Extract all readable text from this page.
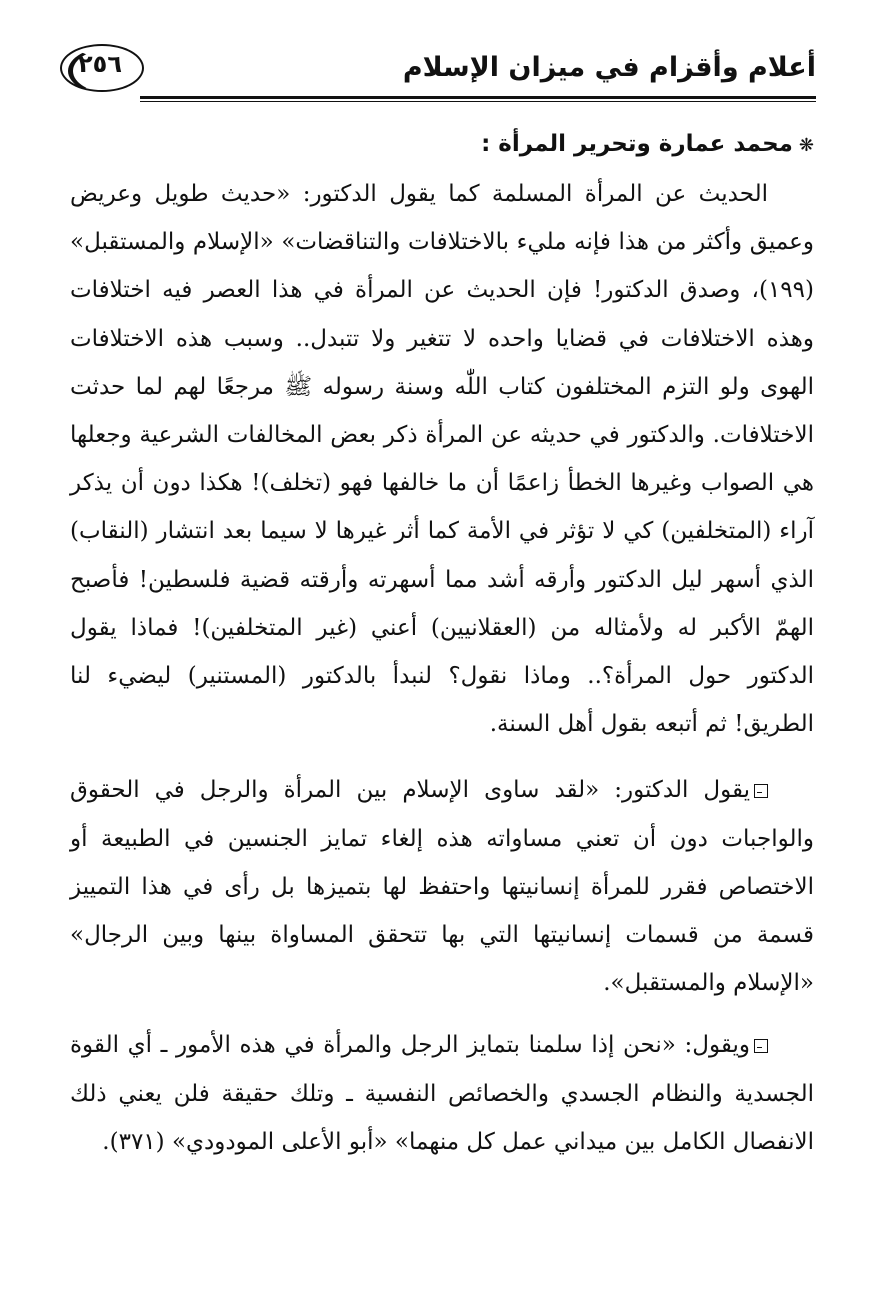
أعلام وأقزام في ميزان الإسلام
٢٥٦
❋محمد عمارة وتحرير المرأة :

الحديث عن المرأة المسلمة كما يقول الدكتور: «حديث طويل وعريض وعميق وأكثر من هذا فإنه مليء بالاختلافات والتناقضات» «الإسلام والمستقبل» (١٩٩)، وصدق الدكتور! فإن الحديث عن المرأة في هذا العصر فيه اختلافات وهذه الاختلافات في قضايا واحده لا تتغير ولا تتبدل.. وسبب هذه الاختلافات الهوى ولو التزم المختلفون كتاب اللّٰه وسنة رسوله ﷺ مرجعًا لهم لما حدثت الاختلافات. والدكتور في حديثه عن المرأة ذكر بعض المخالفات الشرعية وجعلها هي الصواب وغيرها الخطأ زاعمًا أن ما خالفها فهو (تخلف)! هكذا دون أن يذكر آراء (المتخلفين) كي لا تؤثر في الأمة كما أثر غيرها لا سيما بعد انتشار (النقاب) الذي أسهر ليل الدكتور وأرقه أشد مما أسهرته وأرقته قضية فلسطين! فأصبح الهمّ الأكبر له ولأمثاله من (العقلانيين) أعني (غير المتخلفين)! فماذا يقول الدكتور حول المرأة؟.. وماذا نقول؟ لنبدأ بالدكتور (المستنير) ليضيء لنا الطريق! ثم أتبعه بقول أهل السنة.

يقول الدكتور: «لقد ساوى الإسلام بين المرأة والرجل في الحقوق والواجبات دون أن تعني مساواته هذه إلغاء تمايز الجنسين في الطبيعة أو الاختصاص فقرر للمرأة إنسانيتها واحتفظ لها بتميزها بل رأى في هذا التمييز قسمة من قسمات إنسانيتها التي بها تتحقق المساواة بينها وبين الرجال» «الإسلام والمستقبل».

ويقول: «نحن إذا سلمنا بتمايز الرجل والمرأة في هذه الأمور ـ أي القوة الجسدية والنظام الجسدي والخصائص النفسية ـ وتلك حقيقة فلن يعني ذلك الانفصال الكامل بين ميداني عمل كل منهما» «أبو الأعلى المودودي» (٣٧١).
